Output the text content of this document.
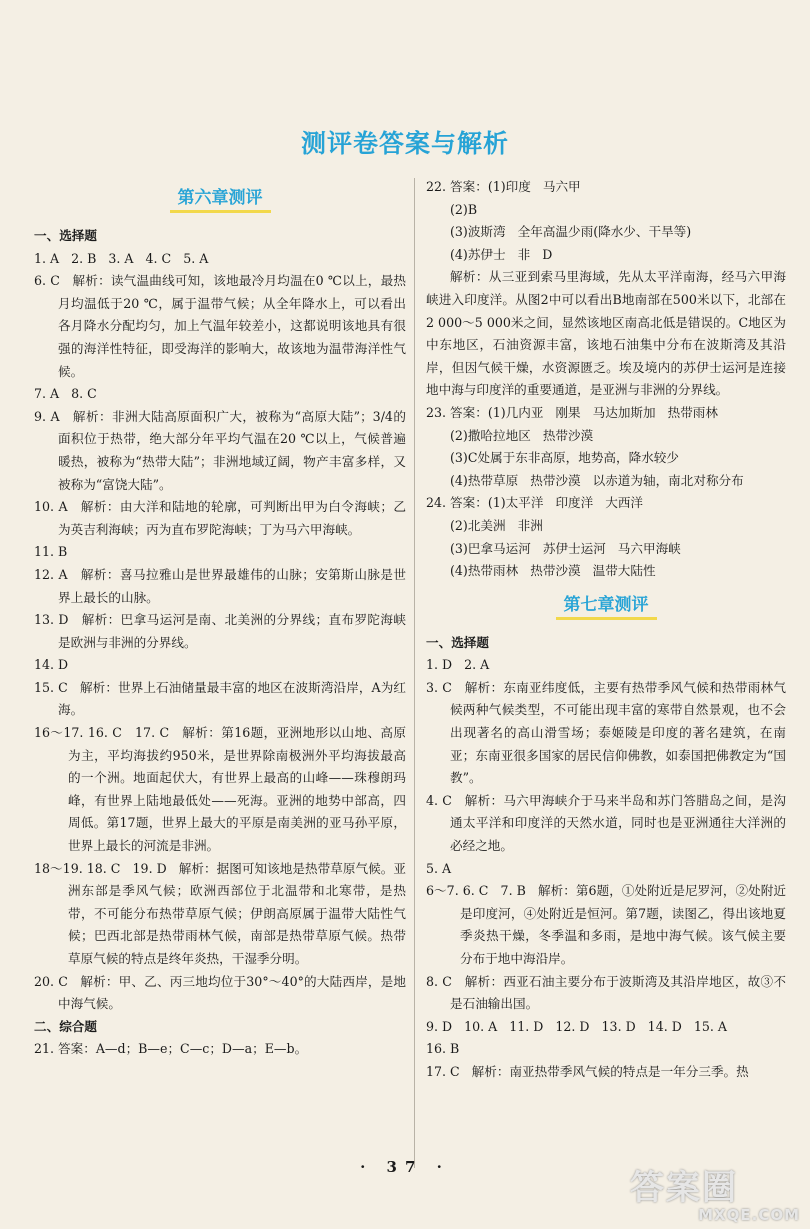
测评卷答案与解析
第六章测评
一、选择题

1. A   2. B   3. A   4. C   5. A

6. C   解析：读气温曲线可知，该地最冷月均温在0 ℃以上，最热月均温低于20 ℃，属于温带气候；从全年降水上，可以看出各月降水分配均匀，加上气温年较差小，这都说明该地具有很强的海洋性特征，即受海洋的影响大，故该地为温带海洋性气候。

7. A   8. C

9. A   解析：非洲大陆高原面积广大，被称为“高原大陆”；3/4的面积位于热带，绝大部分年平均气温在20 ℃以上，气候普遍暖热，被称为“热带大陆”；非洲地域辽阔，物产丰富多样，又被称为“富饶大陆”。

10. A   解析：由大洋和陆地的轮廓，可判断出甲为白令海峡；乙为英吉利海峡；丙为直布罗陀海峡；丁为马六甲海峡。

11. B

12. A   解析：喜马拉雅山是世界最雄伟的山脉；安第斯山脉是世界上最长的山脉。

13. D   解析：巴拿马运河是南、北美洲的分界线；直布罗陀海峡是欧洲与非洲的分界线。

14. D

15. C   解析：世界上石油储量最丰富的地区在波斯湾沿岸，A为红海。

16～17. 16. C   17. C   解析：第16题，亚洲地形以山地、高原为主，平均海拔约950米，是世界除南极洲外平均海拔最高的一个洲。地面起伏大，有世界上最高的山峰——珠穆朗玛峰，有世界上陆地最低处——死海。亚洲的地势中部高，四周低。第17题，世界上最大的平原是南美洲的亚马孙平原，世界上最长的河流是非洲。

18～19. 18. C   19. D   解析：据图可知该地是热带草原气候。亚洲东部是季风气候；欧洲西部位于北温带和北寒带，是热带，不可能分布热带草原气候；伊朗高原属于温带大陆性气候；巴西北部是热带雨林气候，南部是热带草原气候。热带草原气候的特点是终年炎热，干湿季分明。

20. C   解析：甲、乙、丙三地均位于30°～40°的大陆西岸，是地中海气候。

二、综合题

21. 答案：A—d；B—e；C—c；D—a；E—b。

22. 答案：(1)印度   马六甲

(2)B

(3)波斯湾   全年高温少雨(降水少、干旱等)

(4)苏伊士   非   D

解析：从三亚到索马里海域，先从太平洋南海，经马六甲海峡进入印度洋。从图2中可以看出B地南部在500米以下，北部在2 000～5 000米之间，显然该地区南高北低是错误的。C地区为中东地区，石油资源丰富，该地石油集中分布在波斯湾及其沿岸，但因气候干燥，水资源匮乏。埃及境内的苏伊士运河是连接地中海与印度洋的重要通道，是亚洲与非洲的分界线。

23. 答案：(1)几内亚   刚果   马达加斯加   热带雨林

(2)撒哈拉地区   热带沙漠

(3)C处属于东非高原，地势高，降水较少

(4)热带草原   热带沙漠   以赤道为轴，南北对称分布

24. 答案：(1)太平洋   印度洋   大西洋

(2)北美洲   非洲

(3)巴拿马运河   苏伊士运河   马六甲海峡

(4)热带雨林   热带沙漠   温带大陆性

第七章测评
一、选择题

1. D   2. A

3. C   解析：东南亚纬度低，主要有热带季风气候和热带雨林气候两种气候类型，不可能出现丰富的寒带自然景观，也不会出现著名的高山滑雪场；泰姬陵是印度的著名建筑，在南亚；东南亚很多国家的居民信仰佛教，如泰国把佛教定为“国教”。

4. C   解析：马六甲海峡介于马来半岛和苏门答腊岛之间，是沟通太平洋和印度洋的天然水道，同时也是亚洲通往大洋洲的必经之地。

5. A

6～7. 6. C   7. B   解析：第6题，①处附近是尼罗河，②处附近是印度河，④处附近是恒河。第7题，读图乙，得出该地夏季炎热干燥，冬季温和多雨，是地中海气候。该气候主要分布于地中海沿岸。

8. C   解析：西亚石油主要分布于波斯湾及其沿岸地区，故③不是石油输出国。

9. D   10. A   11. D   12. D   13. D   14. D   15. A

16. B

17. C   解析：南亚热带季风气候的特点是一年分三季。热

· 37 ·
答案圈
MXQE.COM
